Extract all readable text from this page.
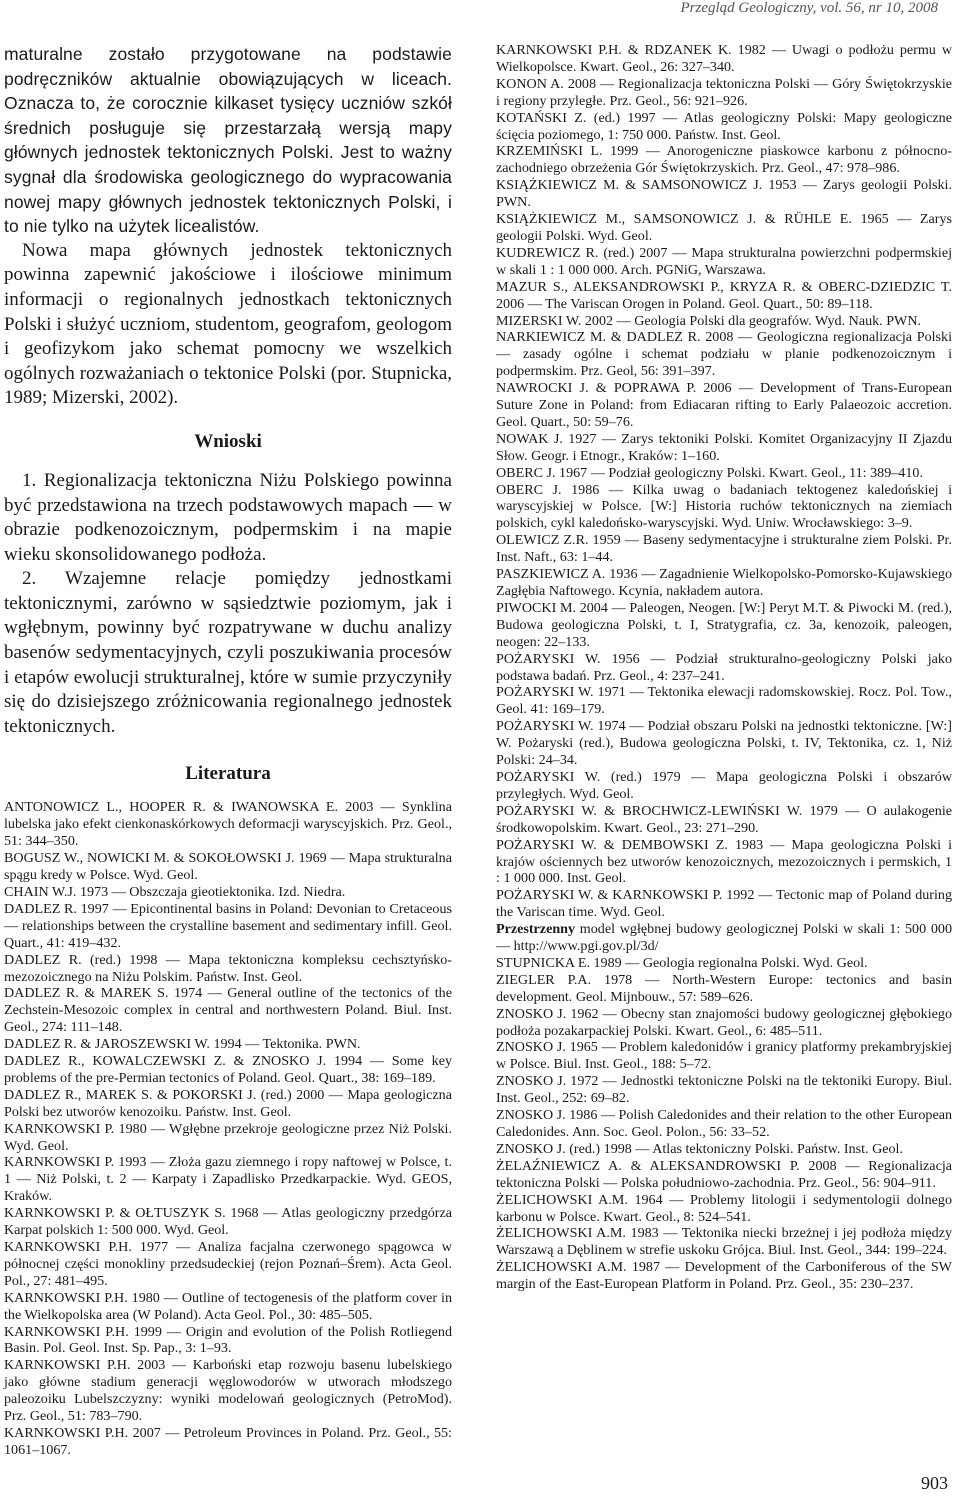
Przegląd Geologiczny, vol. 56, nr 10, 2008

maturalne zostało przygotowane na podstawie podręczników aktualnie obowiązujących w liceach. Oznacza to, że corocznie kilkaset tysięcy uczniów szkół średnich posługuje się przestarzałą wersją mapy głównych jednostek tektonicznych Polski. Jest to ważny sygnał dla środowiska geologicznego do wypracowania nowej mapy głównych jednostek tektonicznych Polski, i to nie tylko na użytek licealistów.

Nowa mapa głównych jednostek tektonicznych powinna zapewnić jakościowe i ilościowe minimum informacji o regionalnych jednostkach tektonicznych Polski i służyć uczniom, studentom, geografom, geologom i geofizykom jako schemat pomocny we wszelkich ogólnych rozważaniach o tektonice Polski (por. Stupnicka, 1989; Mizerski, 2002).

Wnioski

1. Regionalizacja tektoniczna Niżu Polskiego powinna być przedstawiona na trzech podstawowych mapach — w obrazie podkenozoicznym, podpermskim i na mapie wieku skonsolidowanego podłoża.

2. Wzajemne relacje pomiędzy jednostkami tektonicznymi, zarówno w sąsiedztwie poziomym, jak i wgłębnym, powinny być rozpatrywane w duchu analizy basenów sedymentacyjnych, czyli poszukiwania procesów i etapów ewolucji strukturalnej, które w sumie przyczyniły się do dzisiejszego zróżnicowania regionalnego jednostek tektonicznych.

Literatura

ANTONOWICZ L., HOOPER R. & IWANOWSKA E. 2003 — Synklina lubelska jako efekt cienkonaskórkowych deformacji waryscyjskich. Prz. Geol., 51: 344–350.

BOGUSZ W., NOWICKI M. & SOKOŁOWSKI J. 1969 — Mapa strukturalna spągu kredy w Polsce. Wyd. Geol.

CHAIN W.J. 1973 — Obszczaja gieotiektonika. Izd. Niedra.

DADLEZ R. 1997 — Epicontinental basins in Poland: Devonian to Cretaceous — relationships between the crystalline basement and sedimentary infill. Geol. Quart., 41: 419–432.

DADLEZ R. (red.) 1998 — Mapa tektoniczna kompleksu cechsztyńsko-mezozoicznego na Niżu Polskim. Państw. Inst. Geol.

DADLEZ R. & MAREK S. 1974 — General outline of the tectonics of the Zechstein-Mesozoic complex in central and northwestern Poland. Biul. Inst. Geol., 274: 111–148.

DADLEZ R. & JAROSZEWSKI W. 1994 — Tektonika. PWN.

DADLEZ R., KOWALCZEWSKI Z. & ZNOSKO J. 1994 — Some key problems of the pre-Permian tectonics of Poland. Geol. Quart., 38: 169–189.

DADLEZ R., MAREK S. & POKORSKI J. (red.) 2000 — Mapa geologiczna Polski bez utworów kenozoiku. Państw. Inst. Geol.

KARNKOWSKI P. 1980 — Wgłębne przekroje geologiczne przez Niż Polski. Wyd. Geol.

KARNKOWSKI P. 1993 — Złoża gazu ziemnego i ropy naftowej w Polsce, t. 1 — Niż Polski, t. 2 — Karpaty i Zapadlisko Przedkarpackie. Wyd. GEOS, Kraków.

KARNKOWSKI P. & OŁTUSZYK S. 1968 — Atlas geologiczny przedgórza Karpat polskich 1: 500 000. Wyd. Geol.

KARNKOWSKI P.H. 1977 — Analiza facjalna czerwonego spągowca w północnej części monokliny przedsudeckiej (rejon Poznań–Śrem). Acta Geol. Pol., 27: 481–495.

KARNKOWSKI P.H. 1980 — Outline of tectogenesis of the platform cover in the Wielkopolska area (W Poland). Acta Geol. Pol., 30: 485–505.

KARNKOWSKI P.H. 1999 — Origin and evolution of the Polish Rotliegend Basin. Pol. Geol. Inst. Sp. Pap., 3: 1–93.

KARNKOWSKI P.H. 2003 — Karboński etap rozwoju basenu lubelskiego jako główne stadium generacji węglowodorów w utworach młodszego paleozoiku Lubelszczyzny: wyniki modelowań geologicznych (PetroMod). Prz. Geol., 51: 783–790.

KARNKOWSKI P.H. 2007 — Petroleum Provinces in Poland. Prz. Geol., 55: 1061–1067.

KARNKOWSKI P.H. & RDZANEK K. 1982 — Uwagi o podłożu permu w Wielkopolsce. Kwart. Geol., 26: 327–340.

KONON A. 2008 — Regionalizacja tektoniczna Polski — Góry Świętokrzyskie i regiony przyległe. Prz. Geol., 56: 921–926.

KOTAŃSKI Z. (ed.) 1997 — Atlas geologiczny Polski: Mapy geologiczne ścięcia poziomego, 1: 750 000. Państw. Inst. Geol.

KRZEMIŃSKI L. 1999 — Anorogeniczne piaskowce karbonu z północno-zachodniego obrzeżenia Gór Świętokrzyskich. Prz. Geol., 47: 978–986.

KSIĄŻKIEWICZ M. & SAMSONOWICZ J. 1953 — Zarys geologii Polski. PWN.

KSIĄŻKIEWICZ M., SAMSONOWICZ J. & RÜHLE E. 1965 — Zarys geologii Polski. Wyd. Geol.

KUDREWICZ R. (red.) 2007 — Mapa strukturalna powierzchni podpermskiej w skali 1 : 1 000 000. Arch. PGNiG, Warszawa.

MAZUR S., ALEKSANDROWSKI P., KRYZA R. & OBERC-DZIEDZIC T. 2006 — The Variscan Orogen in Poland. Geol. Quart., 50: 89–118.

MIZERSKI W. 2002 — Geologia Polski dla geografów. Wyd. Nauk. PWN.

NARKIEWICZ M. & DADLEZ R. 2008 — Geologiczna regionalizacja Polski — zasady ogólne i schemat podziału w planie podkenozoicznym i podpermskim. Prz. Geol, 56: 391–397.

NAWROCKI J. & POPRAWA P. 2006 — Development of Trans-European Suture Zone in Poland: from Ediacaran rifting to Early Palaeozoic accretion. Geol. Quart., 50: 59–76.

NOWAK J. 1927 — Zarys tektoniki Polski. Komitet Organizacyjny II Zjazdu Słow. Geogr. i Etnogr., Kraków: 1–160.

OBERC J. 1967 — Podział geologiczny Polski. Kwart. Geol., 11: 389–410.

OBERC J. 1986 — Kilka uwag o badaniach tektogenez kaledońskiej i waryscyjskiej w Polsce. [W:] Historia ruchów tektonicznych na ziemiach polskich, cykl kaledońsko-waryscyjski. Wyd. Uniw. Wrocławskiego: 3–9.

OLEWICZ Z.R. 1959 — Baseny sedymentacyjne i strukturalne ziem Polski. Pr. Inst. Naft., 63: 1–44.

PASZKIEWICZ A. 1936 — Zagadnienie Wielkopolsko-Pomorsko-Kujawskiego Zagłębia Naftowego. Kcynia, nakładem autora.

PIWOCKI M. 2004 — Paleogen, Neogen. [W:] Peryt M.T. & Piwocki M. (red.), Budowa geologiczna Polski, t. I, Stratygrafia, cz. 3a, kenozoik, paleogen, neogen: 22–133.

POŻARYSKI W. 1956 — Podział strukturalno-geologiczny Polski jako podstawa badań. Prz. Geol., 4: 237–241.

POŻARYSKI W. 1971 — Tektonika elewacji radomskowskiej. Rocz. Pol. Tow., Geol. 41: 169–179.

POŻARYSKI W. 1974 — Podział obszaru Polski na jednostki tektoniczne. [W:] W. Pożaryski (red.), Budowa geologiczna Polski, t. IV, Tektonika, cz. 1, Niż Polski: 24–34.

POŻARYSKI W. (red.) 1979 — Mapa geologiczna Polski i obszarów przyległych. Wyd. Geol.

POŻARYSKI W. & BROCHWICZ-LEWIŃSKI W. 1979 — O aulakogenie środkowopolskim. Kwart. Geol., 23: 271–290.

POŻARYSKI W. & DEMBOWSKI Z. 1983 — Mapa geologiczna Polski i krajów ościennych bez utworów kenozoicznych, mezozoicznych i permskich, 1 : 1 000 000. Inst. Geol.

POŻARYSKI W. & KARNKOWSKI P. 1992 — Tectonic map of Poland during the Variscan time. Wyd. Geol.

Przestrzenny model wgłębnej budowy geologicznej Polski w skali 1: 500 000 — http://www.pgi.gov.pl/3d/

STUPNICKA E. 1989 — Geologia regionalna Polski. Wyd. Geol.

ZIEGLER P.A. 1978 — North-Western Europe: tectonics and basin development. Geol. Mijnbouw., 57: 589–626.

ZNOSKO J. 1962 — Obecny stan znajomości budowy geologicznej głębokiego podłoża pozakarpackiej Polski. Kwart. Geol., 6: 485–511.

ZNOSKO J. 1965 — Problem kaledonidów i granicy platformy prekambryjskiej w Polsce. Biul. Inst. Geol., 188: 5–72.

ZNOSKO J. 1972 — Jednostki tektoniczne Polski na tle tektoniki Europy. Biul. Inst. Geol., 252: 69–82.

ZNOSKO J. 1986 — Polish Caledonides and their relation to the other European Caledonides. Ann. Soc. Geol. Polon., 56: 33–52.

ZNOSKO J. (red.) 1998 — Atlas tektoniczny Polski. Państw. Inst. Geol.

ŻELAŹNIEWICZ A. & ALEKSANDROWSKI P. 2008 — Regionalizacja tektoniczna Polski — Polska południowo-zachodnia. Prz. Geol., 56: 904–911.

ŻELICHOWSKI A.M. 1964 — Problemy litologii i sedymentologii dolnego karbonu w Polsce. Kwart. Geol., 8: 524–541.

ŻELICHOWSKI A.M. 1983 — Tektonika niecki brzeżnej i jej podłoża między Warszawą a Dęblinem w strefie uskoku Grójca. Biul. Inst. Geol., 344: 199–224.

ŻELICHOWSKI A.M. 1987 — Development of the Carboniferous of the SW margin of the East-European Platform in Poland. Prz. Geol., 35: 230–237.

903
